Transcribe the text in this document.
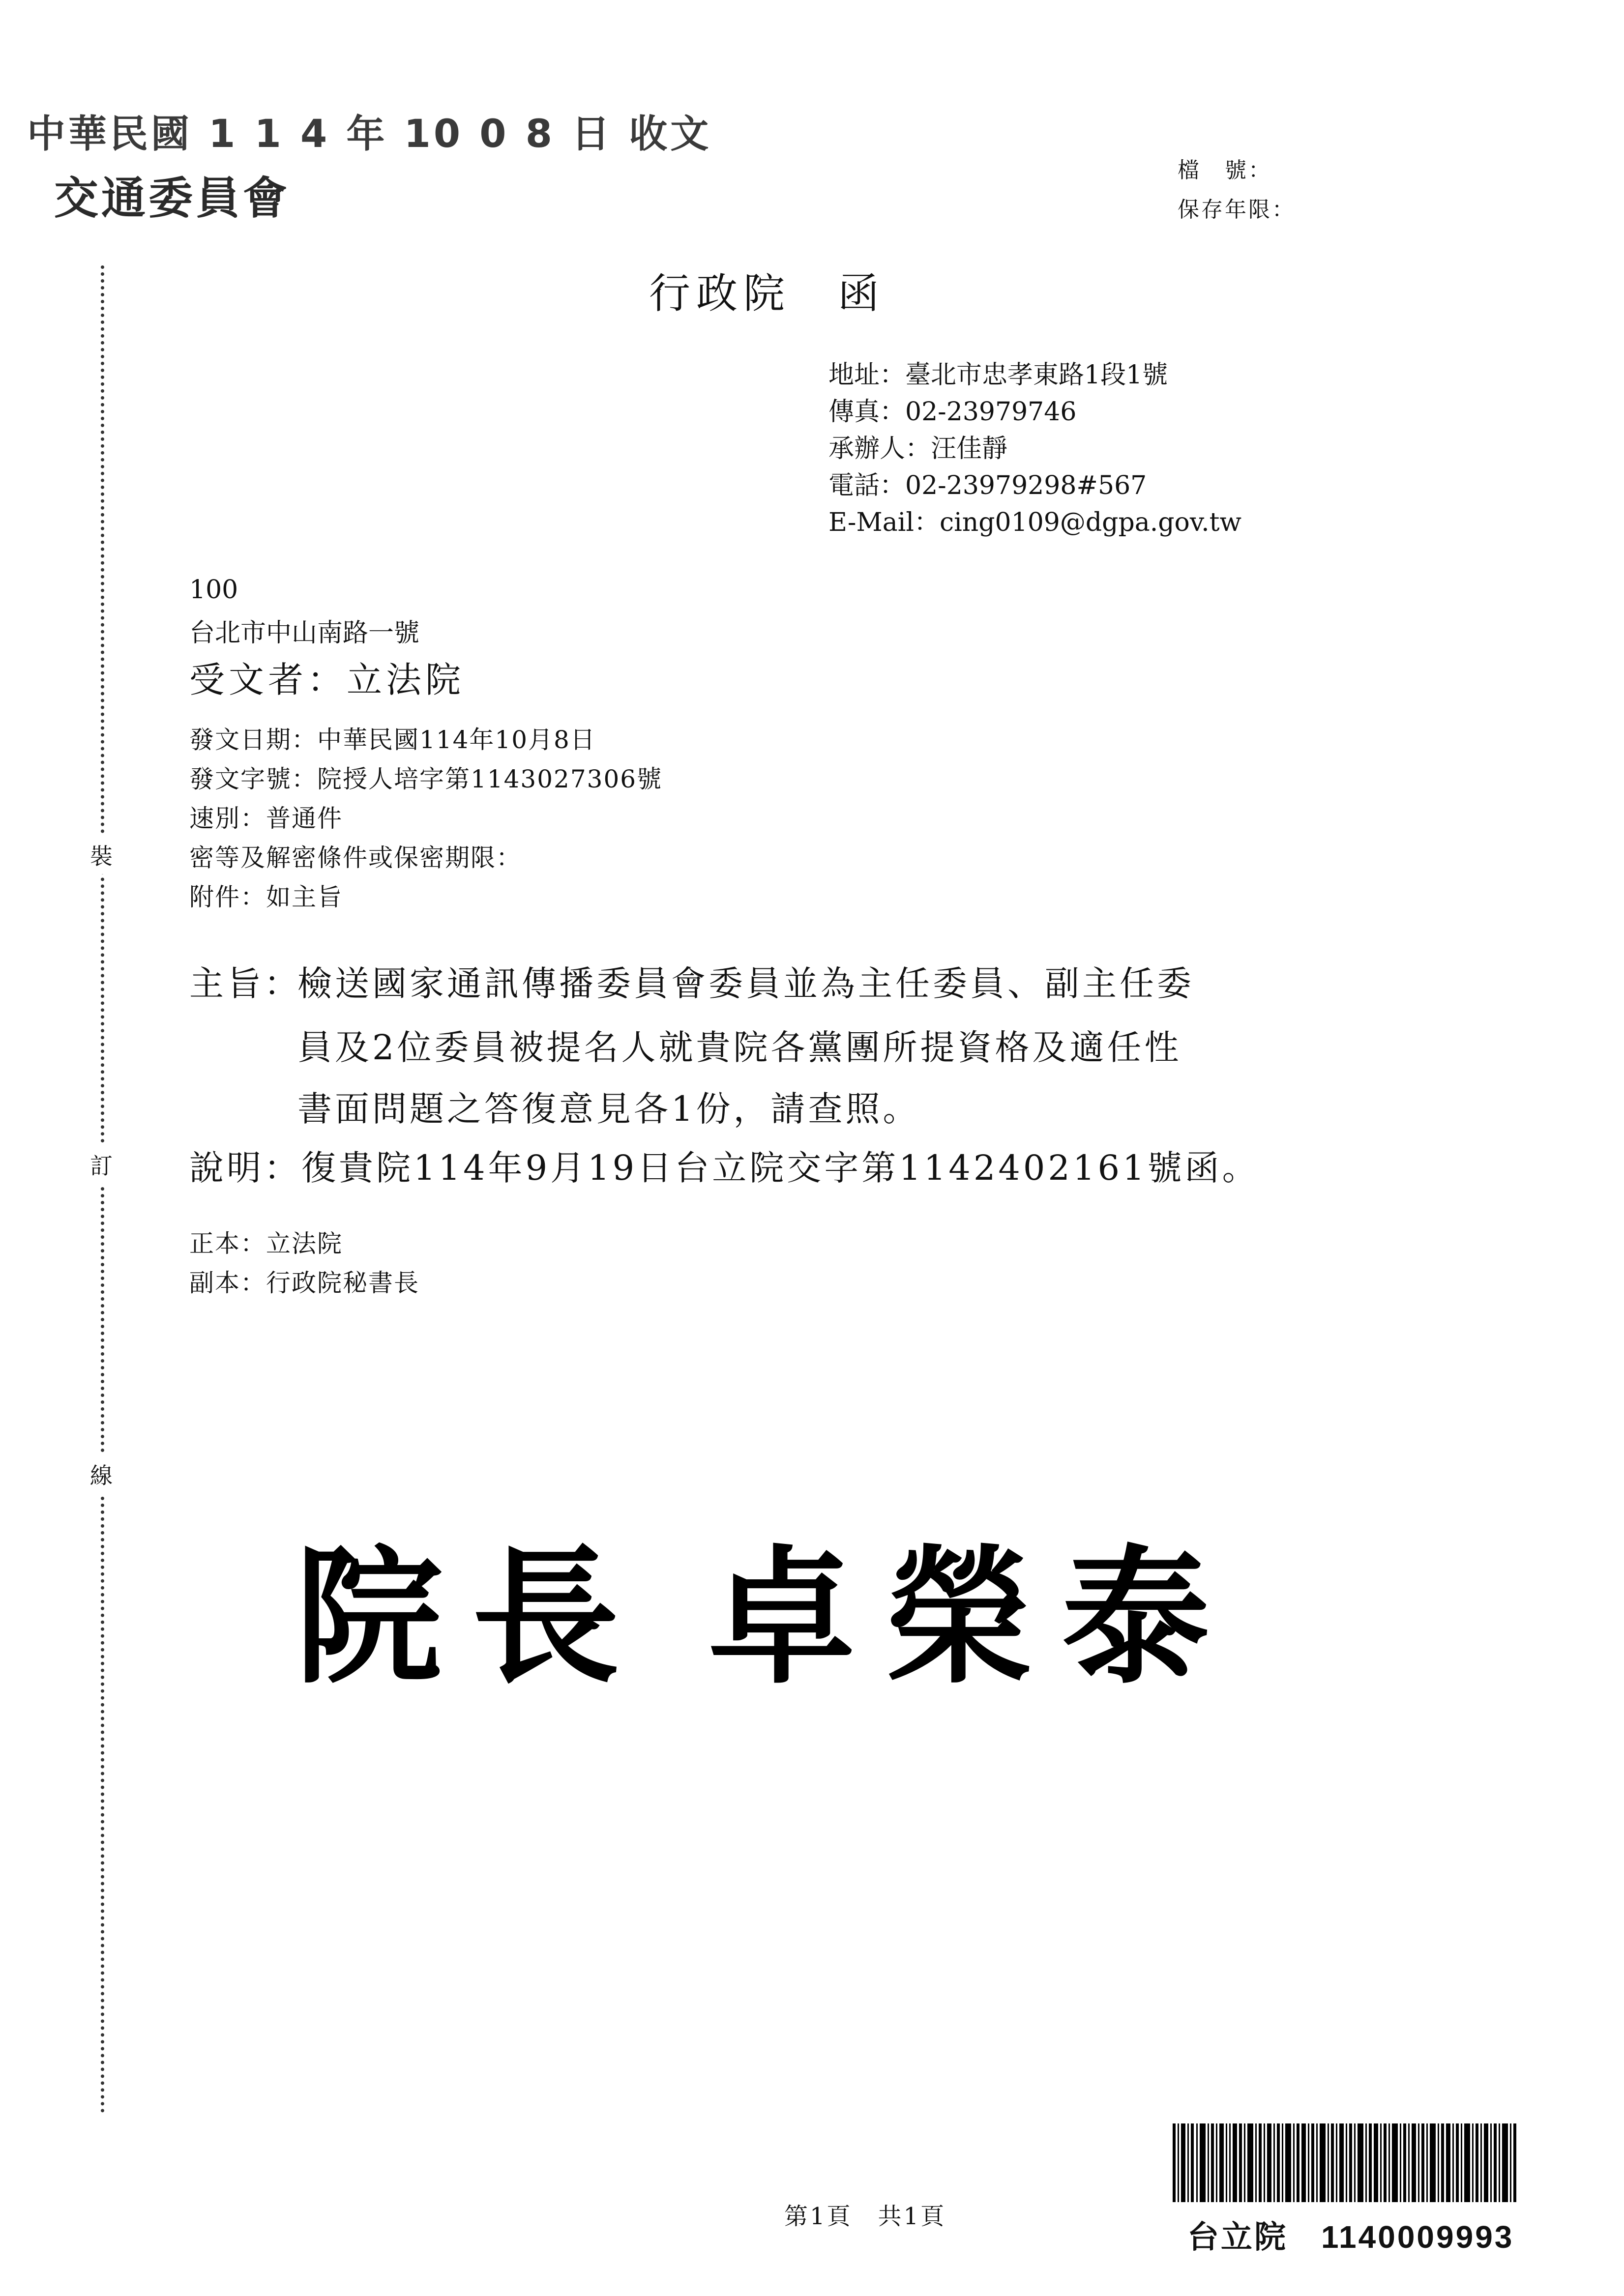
中華民國 1 1 4 年 10 0 8 日 收文
交通委員會
檔　號：
保存年限：
裝
訂
線
行政院　函
地址：臺北市忠孝東路1段1號
傳真：02-23979746
承辦人：汪佳靜
電話：02-23979298#567
E-Mail：cing0109@dgpa.gov.tw
100
台北市中山南路一號
受文者：立法院
發文日期：中華民國114年10月8日
發文字號：院授人培字第1143027306號
速別：普通件
密等及解密條件或保密期限：
附件：如主旨
主旨：
檢送國家通訊傳播委員會委員並為主任委員、副主任委
員及2位委員被提名人就貴院各黨團所提資格及適任性
書面問題之答復意見各1份，請查照。
說明：復貴院114年9月19日台立院交字第1142402161號函。
正本：立法院
副本：行政院秘書長
院長 卓榮泰
第1頁　共1頁
台立院　1140009993
